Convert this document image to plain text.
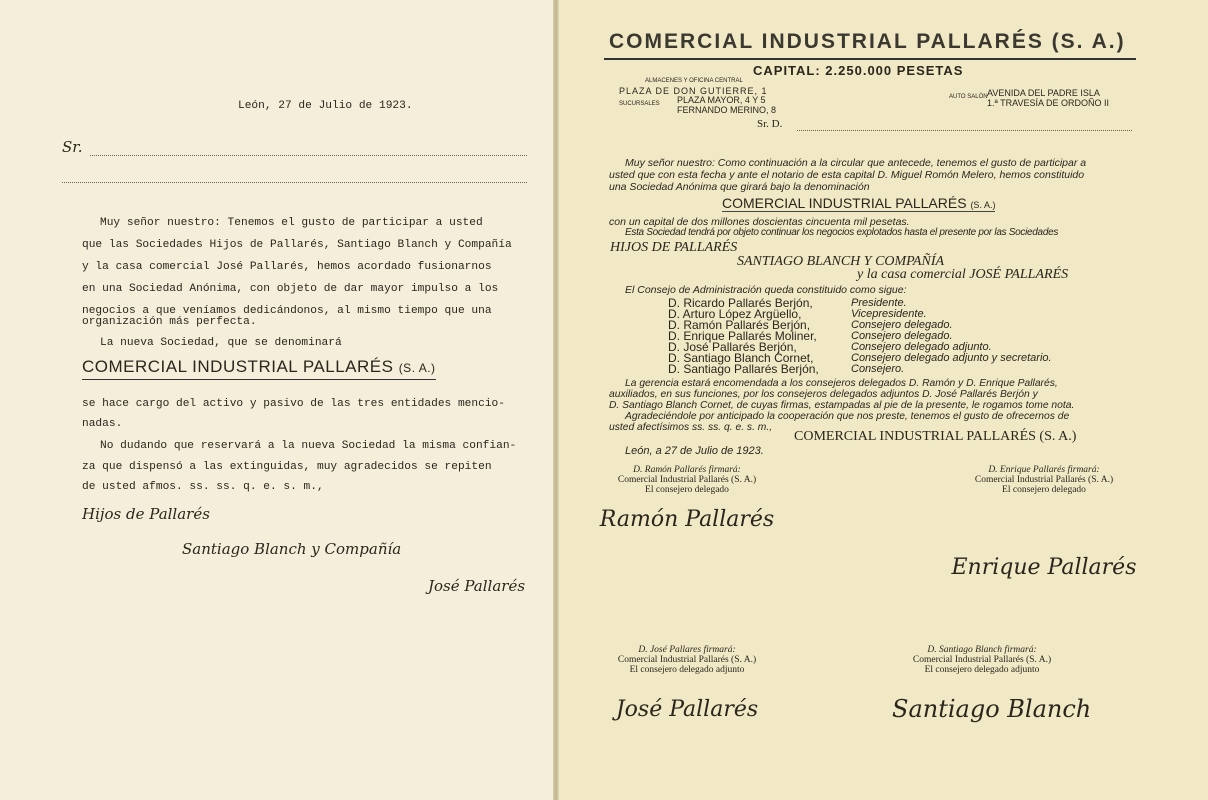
León, 27 de Julio de 1923.
Sr.
Muy señor nuestro: Tenemos el gusto de participar a usted
que las Sociedades Hijos de Pallarés, Santiago Blanch y Compañía
y la casa comercial José Pallarés, hemos acordado fusionarnos
en una Sociedad Anónima, con objeto de dar mayor impulso a los
negocios a que veníamos dedicándonos, al mismo tiempo que una
organización más perfecta.
La nueva Sociedad, que se denominará
COMERCIAL INDUSTRIAL PALLARÉS (S. A.)
se hace cargo del activo y pasivo de las tres entidades mencio-
nadas.
No dudando que reservará a la nueva Sociedad la misma confian-
za que dispensó a las extinguidas, muy agradecidos se repiten
de usted afmos. ss. ss. q. e. s. m.,
Hijos de Pallarés
Santiago Blanch y Compañía
José Pallarés
COMERCIAL INDUSTRIAL PALLARÉS (S. A.)
CAPITAL: 2.250.000 PESETAS
ALMACENES Y OFICINA CENTRAL
PLAZA DE DON GUTIERRE, 1
SUCURSALES PLAZA MAYOR, 4 Y 5
FERNANDO MERINO, 8
AUTO SALÓN AVENIDA DEL PADRE ISLA
1.ª TRAVESÍA DE ORDOÑO II
Sr. D.
Muy señor nuestro: Como continuación a la circular que antecede, tenemos el gusto de participar a
usted que con esta fecha y ante el notario de esta capital D. Miguel Romón Melero, hemos constituido
una Sociedad Anónima que girará bajo la denominación
COMERCIAL INDUSTRIAL PALLARÉS (S. A.)
con un capital de dos millones doscientas cincuenta mil pesetas.
Esta Sociedad tendrá por objeto continuar los negocios explotados hasta el presente por las Sociedades
HIJOS DE PALLARÉS
SANTIAGO BLANCH Y COMPAÑÍA
y la casa comercial JOSÉ PALLARÉS
El Consejo de Administración queda constituido como sigue:
D. Ricardo Pallarés Berjón,	Presidente.
D. Arturo López Argüello,	Vicepresidente.
D. Ramón Pallarés Berjón,	Consejero delegado.
D. Enrique Pallarés Moliner,	Consejero delegado.
D. José Pallarés Berjón,	Consejero delegado adjunto.
D. Santiago Blanch Cornet,	Consejero delegado adjunto y secretario.
D. Santiago Pallarés Berjón,	Consejero.
La gerencia estará encomendada a los consejeros delegados D. Ramón y D. Enrique Pallarés,
auxiliados, en sus funciones, por los consejeros delegados adjuntos D. José Pallarés Berjón y
D. Santiago Blanch Cornet, de cuyas firmas, estampadas al pie de la presente, le rogamos tome nota.
Agradeciéndole por anticipado la cooperación que nos preste, tenemos el gusto de ofrecernos de
usted afectísimos ss. ss. q. e. s. m.,
COMERCIAL INDUSTRIAL PALLARÉS (S. A.)
León, a 27 de Julio de 1923.
D. Ramón Pallarés firmará:
Comercial Industrial Pallarés (S. A.)
El consejero delegado
Ramón Pallarés
D. Enrique Pallarés firmará:
Comercial Industrial Pallarés (S. A.)
El consejero delegado
Enrique Pallarés
D. José Pallares firmará:
Comercial Industrial Pallarés (S. A.)
El consejero delegado adjunto
José Pallarés
D. Santiago Blanch firmará:
Comercial Industrial Pallarés (S. A.)
El consejero delegado adjunto
Santiago Blanch
